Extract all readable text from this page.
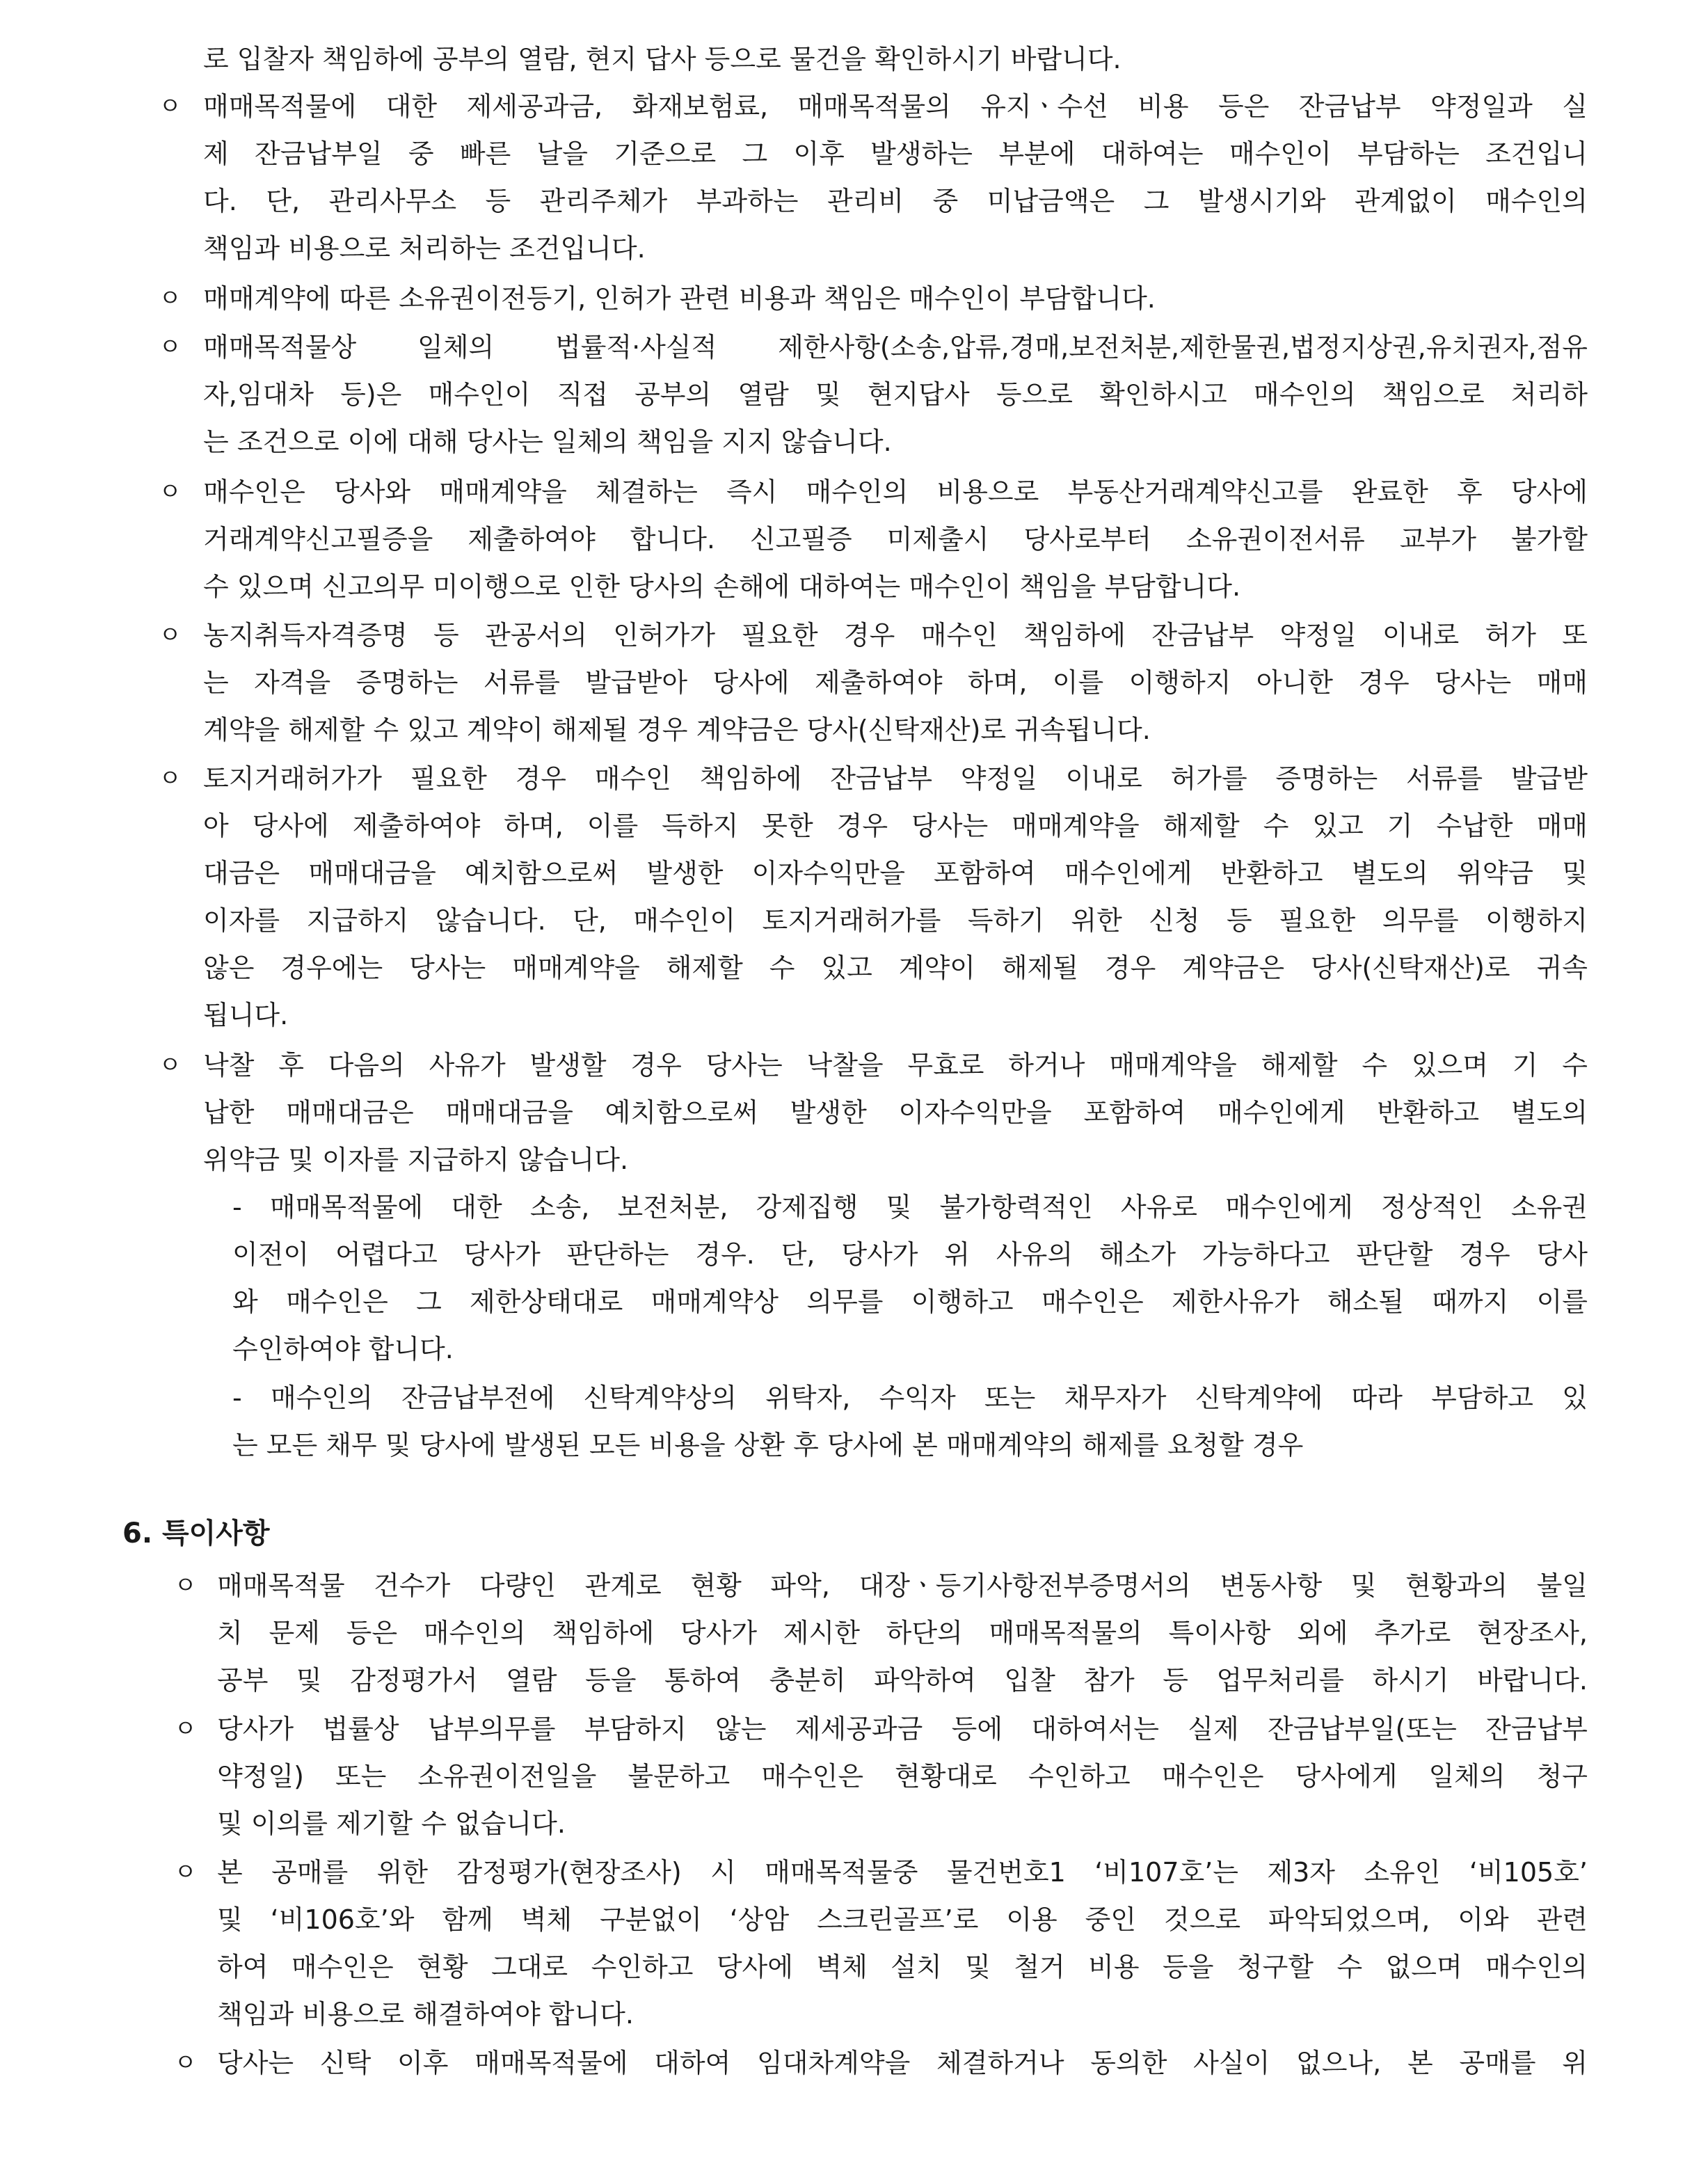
로 입찰자 책임하에 공부의 열람, 현지 답사 등으로 물건을 확인하시기 바랍니다.
ㅇ 매매목적물에 대한 제세공과금, 화재보험료, 매매목적물의 유지ㆍ수선 비용 등은 잔금납부 약정일과 실
제 잔금납부일 중 빠른 날을 기준으로 그 이후 발생하는 부분에 대하여는 매수인이 부담하는 조건입니
다. 단, 관리사무소 등 관리주체가 부과하는 관리비 중 미납금액은 그 발생시기와 관계없이 매수인의
책임과 비용으로 처리하는 조건입니다.
ㅇ 매매계약에 따른 소유권이전등기, 인허가 관련 비용과 책임은 매수인이 부담합니다.
ㅇ 매매목적물상 일체의 법률적·사실적 제한사항(소송,압류,경매,보전처분,제한물권,법정지상권,유치권자,점유
자,임대차 등)은 매수인이 직접 공부의 열람 및 현지답사 등으로 확인하시고 매수인의 책임으로 처리하
는 조건으로 이에 대해 당사는 일체의 책임을 지지 않습니다.
ㅇ 매수인은 당사와 매매계약을 체결하는 즉시 매수인의 비용으로 부동산거래계약신고를 완료한 후 당사에
거래계약신고필증을 제출하여야 합니다. 신고필증 미제출시 당사로부터 소유권이전서류 교부가 불가할
수 있으며 신고의무 미이행으로 인한 당사의 손해에 대하여는 매수인이 책임을 부담합니다.
ㅇ 농지취득자격증명 등 관공서의 인허가가 필요한 경우 매수인 책임하에 잔금납부 약정일 이내로 허가 또
는 자격을 증명하는 서류를 발급받아 당사에 제출하여야 하며, 이를 이행하지 아니한 경우 당사는 매매
계약을 해제할 수 있고 계약이 해제될 경우 계약금은 당사(신탁재산)로 귀속됩니다.
ㅇ 토지거래허가가 필요한 경우 매수인 책임하에 잔금납부 약정일 이내로 허가를 증명하는 서류를 발급받
아 당사에 제출하여야 하며, 이를 득하지 못한 경우 당사는 매매계약을 해제할 수 있고 기 수납한 매매
대금은 매매대금을 예치함으로써 발생한 이자수익만을 포함하여 매수인에게 반환하고 별도의 위약금 및
이자를 지급하지 않습니다. 단, 매수인이 토지거래허가를 득하기 위한 신청 등 필요한 의무를 이행하지
않은 경우에는 당사는 매매계약을 해제할 수 있고 계약이 해제될 경우 계약금은 당사(신탁재산)로 귀속
됩니다.
ㅇ 낙찰 후 다음의 사유가 발생할 경우 당사는 낙찰을 무효로 하거나 매매계약을 해제할 수 있으며 기 수
납한 매매대금은 매매대금을 예치함으로써 발생한 이자수익만을 포함하여 매수인에게 반환하고 별도의
위약금 및 이자를 지급하지 않습니다.
- 매매목적물에 대한 소송, 보전처분, 강제집행 및 불가항력적인 사유로 매수인에게 정상적인 소유권
이전이 어렵다고 당사가 판단하는 경우. 단, 당사가 위 사유의 해소가 가능하다고 판단할 경우 당사
와 매수인은 그 제한상태대로 매매계약상 의무를 이행하고 매수인은 제한사유가 해소될 때까지 이를
수인하여야 합니다.
- 매수인의 잔금납부전에 신탁계약상의 위탁자, 수익자 또는 채무자가 신탁계약에 따라 부담하고 있
는 모든 채무 및 당사에 발생된 모든 비용을 상환 후 당사에 본 매매계약의 해제를 요청할 경우
6. 특이사항
ㅇ 매매목적물 건수가 다량인 관계로 현황 파악, 대장ㆍ등기사항전부증명서의 변동사항 및 현황과의 불일
치 문제 등은 매수인의 책임하에 당사가 제시한 하단의 매매목적물의 특이사항 외에 추가로 현장조사,
공부 및 감정평가서 열람 등을 통하여 충분히 파악하여 입찰 참가 등 업무처리를 하시기 바랍니다.
ㅇ 당사가 법률상 납부의무를 부담하지 않는 제세공과금 등에 대하여서는 실제 잔금납부일(또는 잔금납부
약정일) 또는 소유권이전일을 불문하고 매수인은 현황대로 수인하고 매수인은 당사에게 일체의 청구
및 이의를 제기할 수 없습니다.
ㅇ 본 공매를 위한 감정평가(현장조사) 시 매매목적물중 물건번호1 ‘비107호’는 제3자 소유인 ‘비105호’
및 ‘비106호’와 함께 벽체 구분없이 ‘상암 스크린골프’로 이용 중인 것으로 파악되었으며, 이와 관련
하여 매수인은 현황 그대로 수인하고 당사에 벽체 설치 및 철거 비용 등을 청구할 수 없으며 매수인의
책임과 비용으로 해결하여야 합니다.
ㅇ 당사는 신탁 이후 매매목적물에 대하여 임대차계약을 체결하거나 동의한 사실이 없으나, 본 공매를 위
